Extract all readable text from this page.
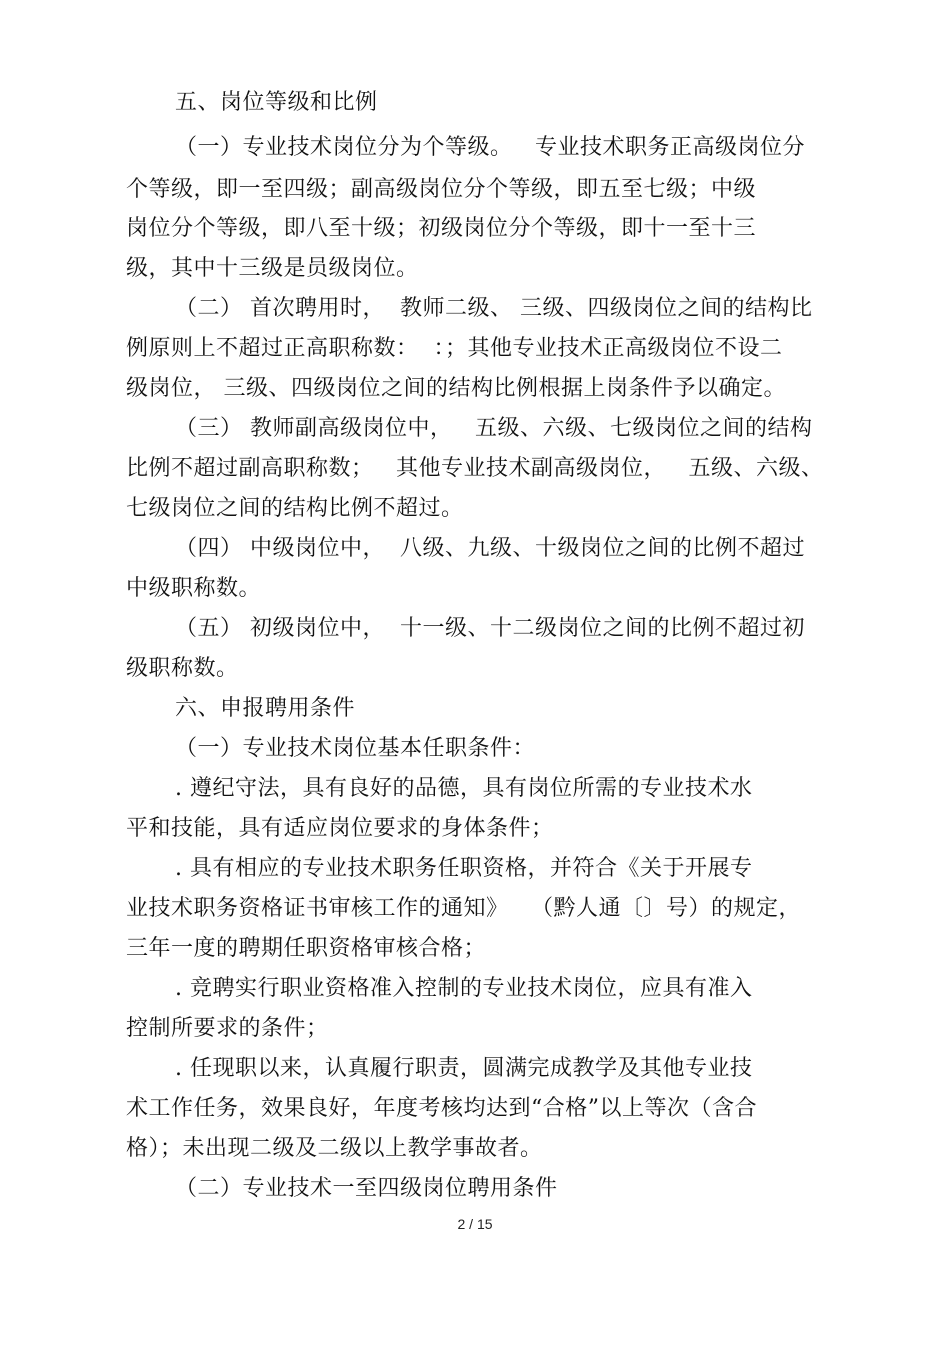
五、岗位等级和比例
（一）专业技术岗位分为个等级。   专业技术职务正高级岗位分
个等级，即一至四级；副高级岗位分个等级，即五至七级；中级
岗位分个等级，即八至十级；初级岗位分个等级，即十一至十三
级，其中十三级是员级岗位。
（二） 首次聘用时，  教师二级、 三级、四级岗位之间的结构比
例原则上不超过正高职称数：  ：；其他专业技术正高级岗位不设二
级岗位， 三级、四级岗位之间的结构比例根据上岗条件予以确定。
（三） 教师副高级岗位中，   五级、六级、七级岗位之间的结构
比例不超过副高职称数；   其他专业技术副高级岗位，   五级、六级、
七级岗位之间的结构比例不超过。
（四） 中级岗位中，  八级、九级、十级岗位之间的比例不超过
中级职称数。
（五） 初级岗位中，  十一级、十二级岗位之间的比例不超过初
级职称数。
六、申报聘用条件
（一）专业技术岗位基本任职条件：
. 遵纪守法，具有良好的品德，具有岗位所需的专业技术水
平和技能，具有适应岗位要求的身体条件；
. 具有相应的专业技术职务任职资格，并符合《关于开展专
业技术职务资格证书审核工作的通知》   （黔人通〔〕号）的规定，
三年一度的聘期任职资格审核合格；
. 竞聘实行职业资格准入控制的专业技术岗位，应具有准入
控制所要求的条件；
. 任现职以来，认真履行职责，圆满完成教学及其他专业技
术工作任务，效果良好，年度考核均达到“合格”以上等次（含合
格）；未出现二级及二级以上教学事故者。
（二）专业技术一至四级岗位聘用条件
2 / 15
